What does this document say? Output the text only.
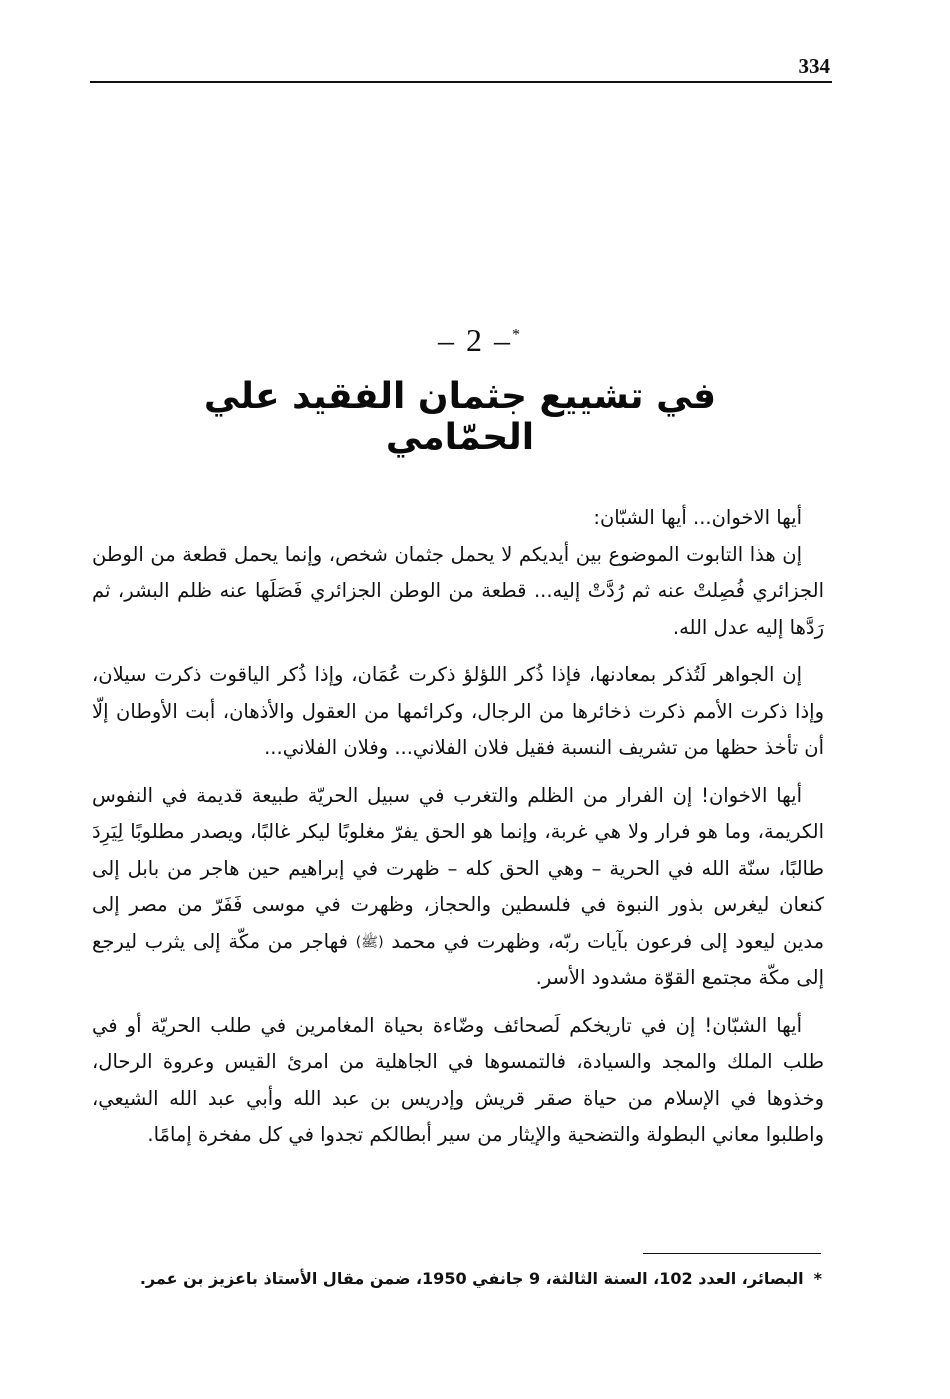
334
– 2 –*
في تشييع جثمان الفقيد علي الحمّامي

أيها الاخوان... أيها الشبّان:

إن هذا التابوت الموضوع بين أيديكم لا يحمل جثمان شخص، وإنما يحمل قطعة من الوطن الجزائري فُصِلتْ عنه ثم رُدَّتْ إليه... قطعة من الوطن الجزائري فَصَلَها عنه ظلم البشر، ثم رَدَّها إليه عدل الله.

إن الجواهر لَتُذكر بمعادنها، فإذا ذُكر اللؤلؤ ذكرت عُمَان، وإذا ذُكر الياقوت ذكرت سيلان، وإذا ذكرت الأمم ذكرت ذخائرها من الرجال، وكرائمها من العقول والأذهان، أبت الأوطان إلّا أن تأخذ حظها من تشريف النسبة فقيل فلان الفلاني... وفلان الفلاني...

أيها الاخوان! إن الفرار من الظلم والتغرب في سبيل الحريّة طبيعة قديمة في النفوس الكريمة، وما هو فرار ولا هي غربة، وإنما هو الحق يفرّ مغلوبًا ليكر غالبًا، ويصدر مطلوبًا لِيَرِدَ طالبًا، سنّة الله في الحرية – وهي الحق كله – ظهرت في إبراهيم حين هاجر من بابل إلى كنعان ليغرس بذور النبوة في فلسطين والحجاز، وظهرت في موسى فَفَرّ من مصر إلى مدين ليعود إلى فرعون بآيات ربّه، وظهرت في محمد (ﷺ) فهاجر من مكّة إلى يثرب ليرجع إلى مكّة مجتمع القوّة مشدود الأسر.

أيها الشبّان! إن في تاريخكم لَصحائف وضّاءة بحياة المغامرين في طلب الحريّة أو في طلب الملك والمجد والسيادة، فالتمسوها في الجاهلية من امرئ القيس وعروة الرحال، وخذوها في الإسلام من حياة صقر قريش وإدريس بن عبد الله وأبي عبد الله الشيعي، واطلبوا معاني البطولة والتضحية والإيثار من سير أبطالكم تجدوا في كل مفخرة إمامًا.

*البصائر، العدد 102، السنة الثالثة، 9 جانفي 1950، ضمن مقال الأستاذ باعزيز بن عمر.
